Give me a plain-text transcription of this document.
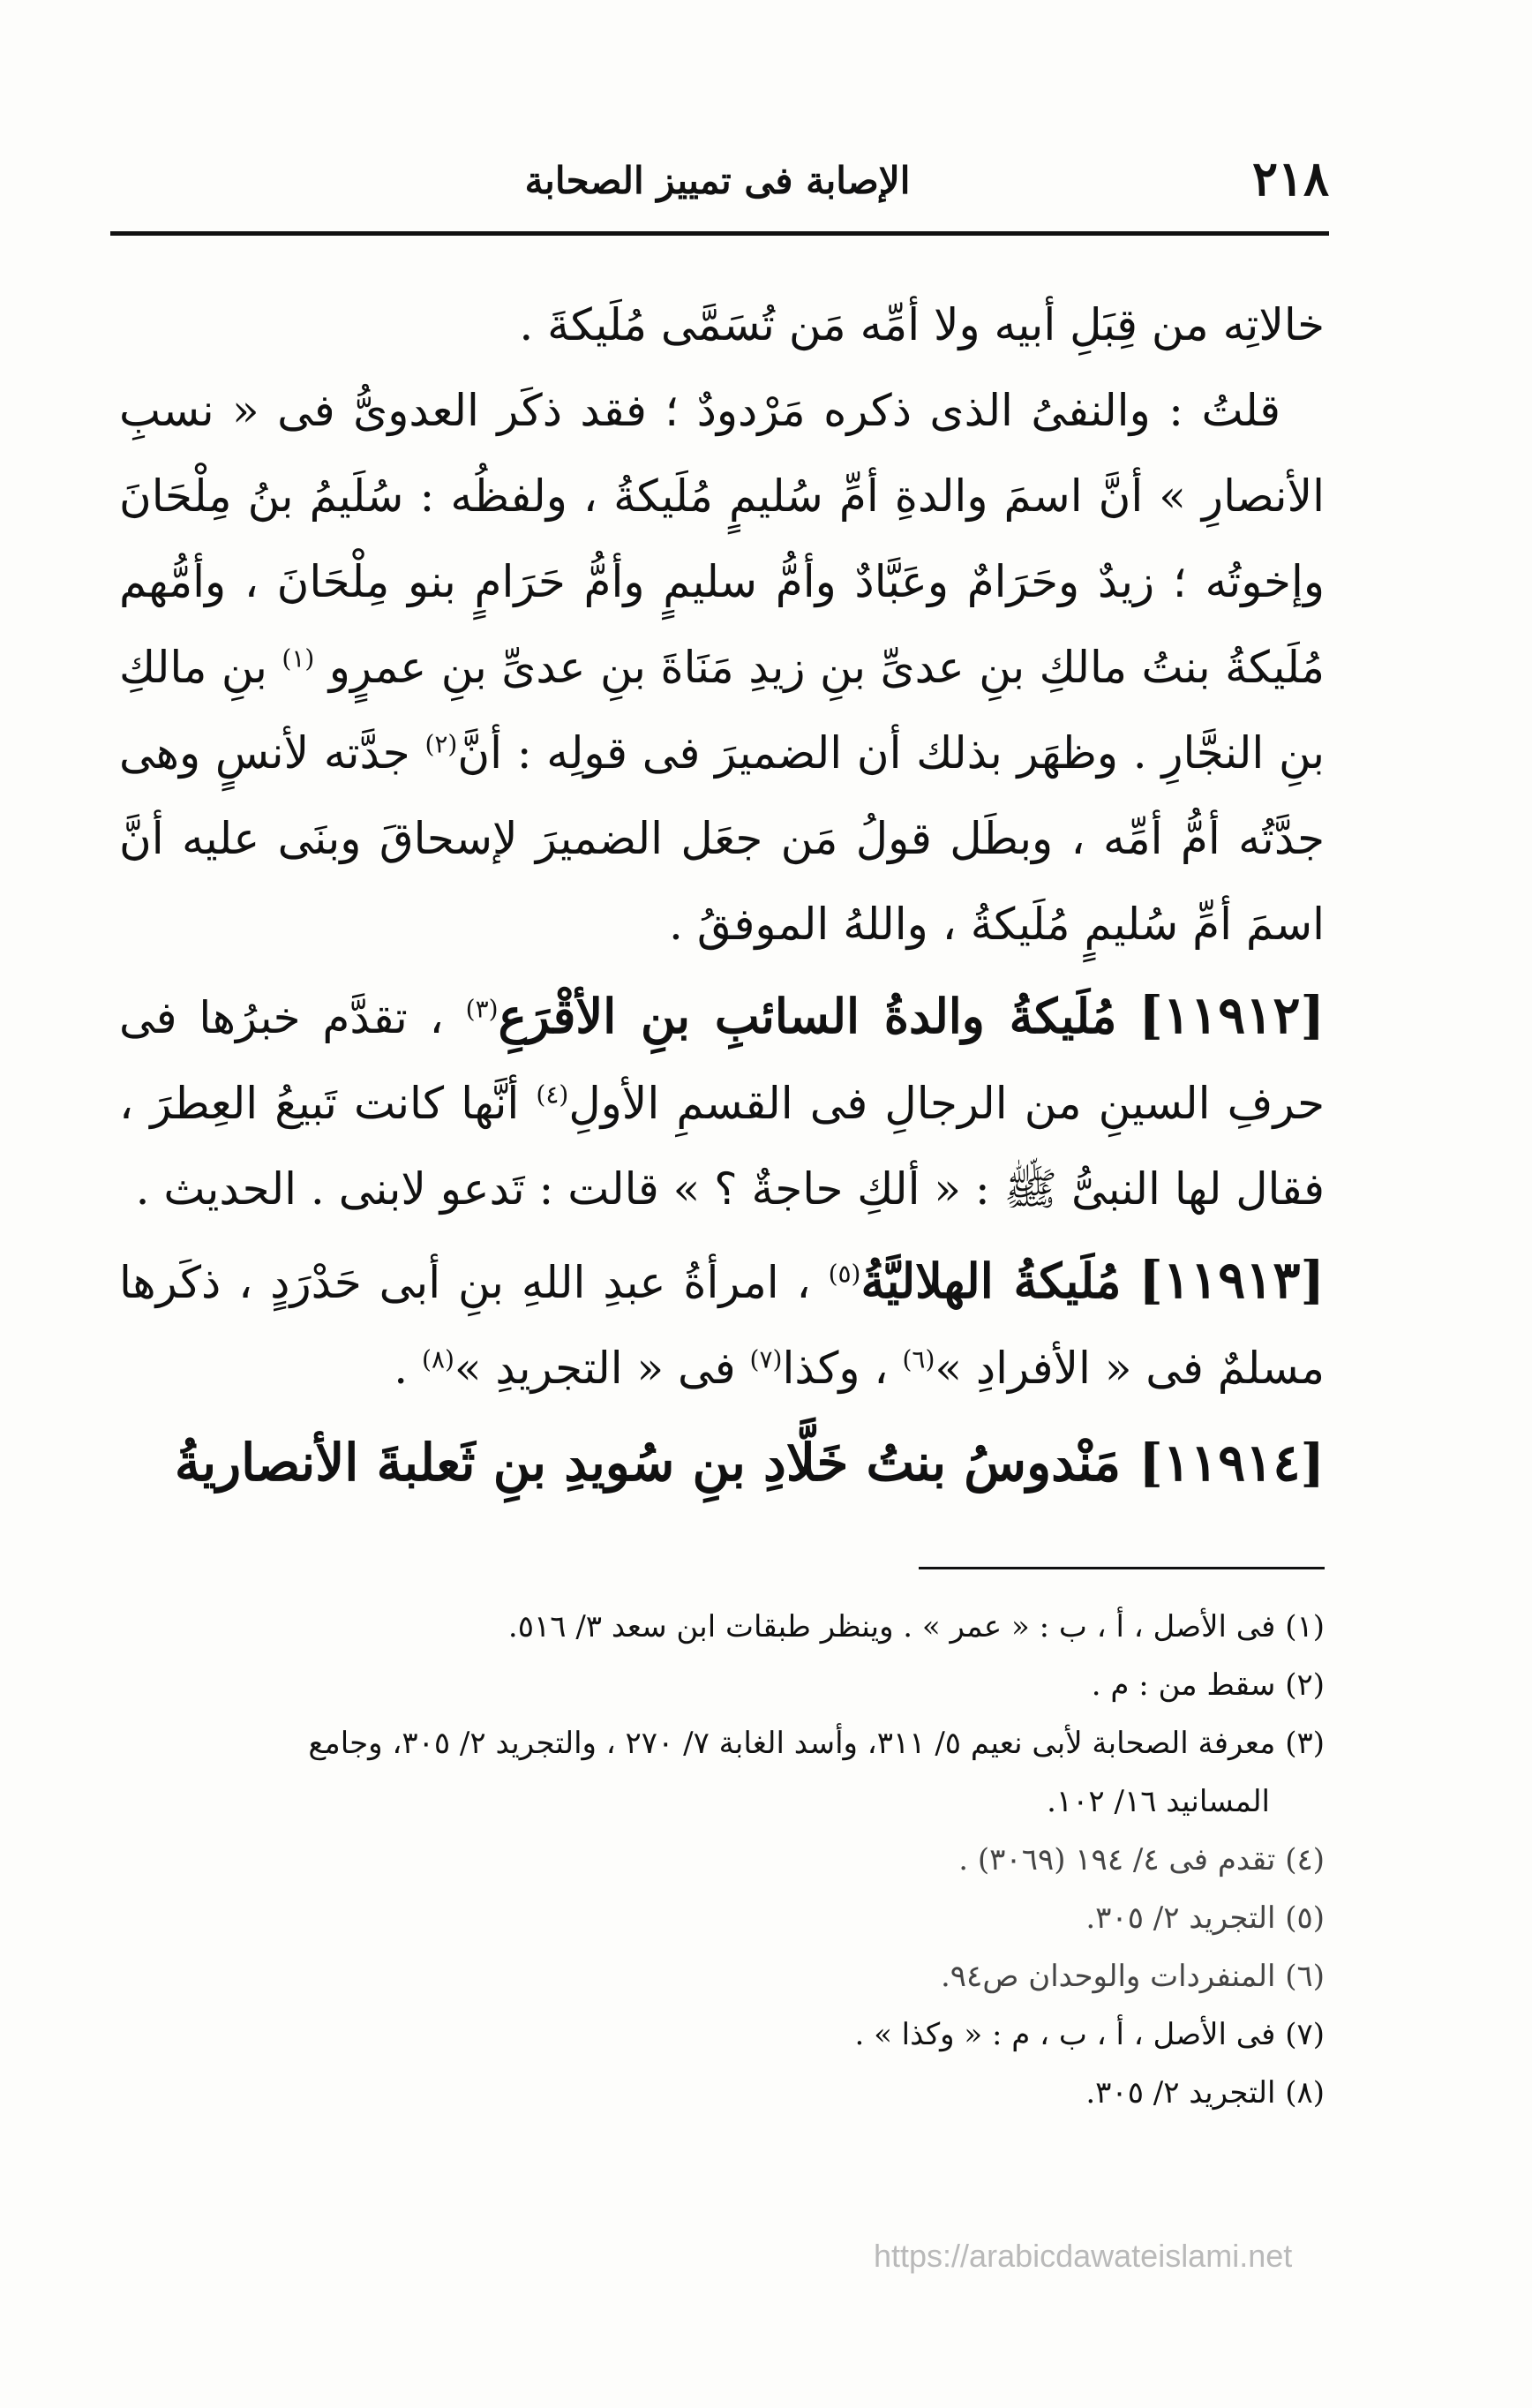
٢١٨
الإصابة فى تمييز الصحابة

خالاتِه من قِبَلِ أبيه ولا أمِّه مَن تُسَمَّى مُلَيكةَ .

قلتُ : والنفىُ الذى ذكره مَرْدودٌ ؛ فقد ذكَر العدوىُّ فى « نسبِ الأنصارِ » أنَّ اسمَ والدةِ أمِّ سُليمٍ مُلَيكةُ ، ولفظُه : سُلَيمُ بنُ مِلْحَانَ وإخوتُه ؛ زيدٌ وحَرَامٌ وعَبَّادٌ وأمُّ سليمٍ وأمُّ حَرَامٍ بنو مِلْحَانَ ، وأمُّهم مُلَيكةُ بنتُ مالكِ بنِ عدىِّ بنِ زيدِ مَنَاةَ بنِ عدىِّ بنِ عمرٍو $^{(١)}$ بنِ مالكِ بنِ النجَّارِ . وظهَر بذلك أن الضميرَ فى قولِه : أنَّ$^{(٢)}$ جدَّته لأنسٍ وهى جدَّتُه أمُّ أمِّه ، وبطَل قولُ مَن جعَل الضميرَ لإسحاقَ وبنَى عليه أنَّ اسمَ أمِّ سُليمٍ مُلَيكةُ ، واللهُ الموفقُ .

[١١٩١٢] مُلَيكةُ والدةُ السائبِ بنِ الأقْرَعِ$^{(٣)}$ ، تقدَّم خبرُها فى حرفِ السينِ من الرجالِ فى القسمِ الأولِ$^{(٤)}$ أنَّها كانت تَبيعُ العِطرَ ، فقال لها النبىُّ ﷺ : « ألكِ حاجةٌ ؟ » قالت : تَدعو لابنى . الحديث .

[١١٩١٣] مُلَيكةُ الهلاليَّةُ$^{(٥)}$ ، امرأةُ عبدِ اللهِ بنِ أبى حَدْرَدٍ ، ذكَرها مسلمٌ فى « الأفرادِ »$^{(٦)}$ ، وكذا$^{(٧)}$ فى « التجريدِ »$^{(٨)}$ .

[١١٩١٤] مَنْدوسُ بنتُ خَلَّادِ بنِ سُويدِ بنِ ثَعلبةَ الأنصاريةُ

(١) فى الأصل ، أ ، ب : « عمر » . وينظر طبقات ابن سعد ٣/ ٥١٦.

(٢) سقط من : م .

(٣) معرفة الصحابة لأبى نعيم ٥/ ٣١١، وأسد الغابة ٧/ ٢٧٠ ، والتجريد ٢/ ٣٠٥، وجامع

المسانيد ١٦/ ١٠٢.

(٤) تقدم فى ٤/ ١٩٤ (٣٠٦٩) .

(٥) التجريد ٢/ ٣٠٥.

(٦) المنفردات والوحدان ص٩٤.

(٧) فى الأصل ، أ ، ب ، م : « وكذا » .

(٨) التجريد ٢/ ٣٠٥.

https://arabicdawateislami.net
